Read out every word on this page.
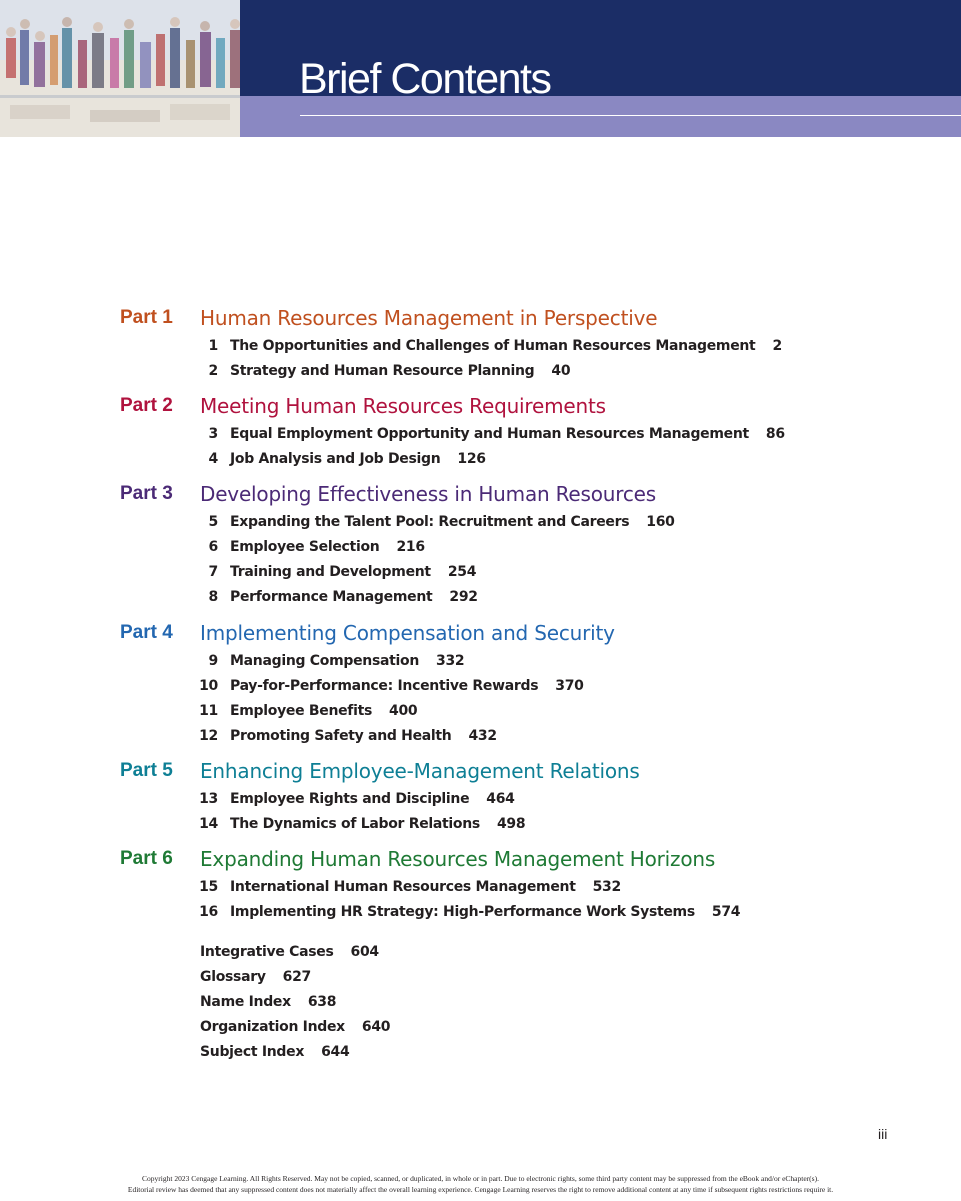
Brief Contents
Part 1 Human Resources Management in Perspective
1 The Opportunities and Challenges of Human Resources Management 2
2 Strategy and Human Resource Planning 40
Part 2 Meeting Human Resources Requirements
3 Equal Employment Opportunity and Human Resources Management 86
4 Job Analysis and Job Design 126
Part 3 Developing Effectiveness in Human Resources
5 Expanding the Talent Pool: Recruitment and Careers 160
6 Employee Selection 216
7 Training and Development 254
8 Performance Management 292
Part 4 Implementing Compensation and Security
9 Managing Compensation 332
10 Pay-for-Performance: Incentive Rewards 370
11 Employee Benefits 400
12 Promoting Safety and Health 432
Part 5 Enhancing Employee-Management Relations
13 Employee Rights and Discipline 464
14 The Dynamics of Labor Relations 498
Part 6 Expanding Human Resources Management Horizons
15 International Human Resources Management 532
16 Implementing HR Strategy: High-Performance Work Systems 574
Integrative Cases 604
Glossary 627
Name Index 638
Organization Index 640
Subject Index 644
iii
Copyright 2023 Cengage Learning. All Rights Reserved. May not be copied, scanned, or duplicated, in whole or in part. Due to electronic rights, some third party content may be suppressed from the eBook and/or eChapter(s).
Editorial review has deemed that any suppressed content does not materially affect the overall learning experience. Cengage Learning reserves the right to remove additional content at any time if subsequent rights restrictions require it.
